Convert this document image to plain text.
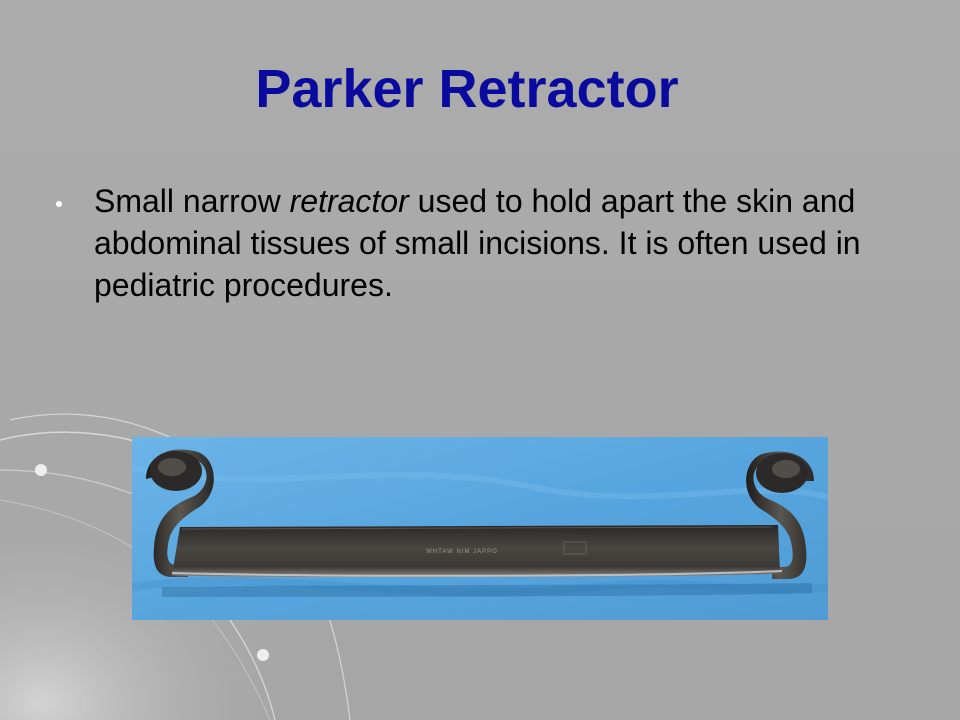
Parker Retractor
Small narrow retractor used to hold apart the skin and abdominal tissues of small incisions. It is often used in pediatric procedures.
WHTAW NIM JAPPO
